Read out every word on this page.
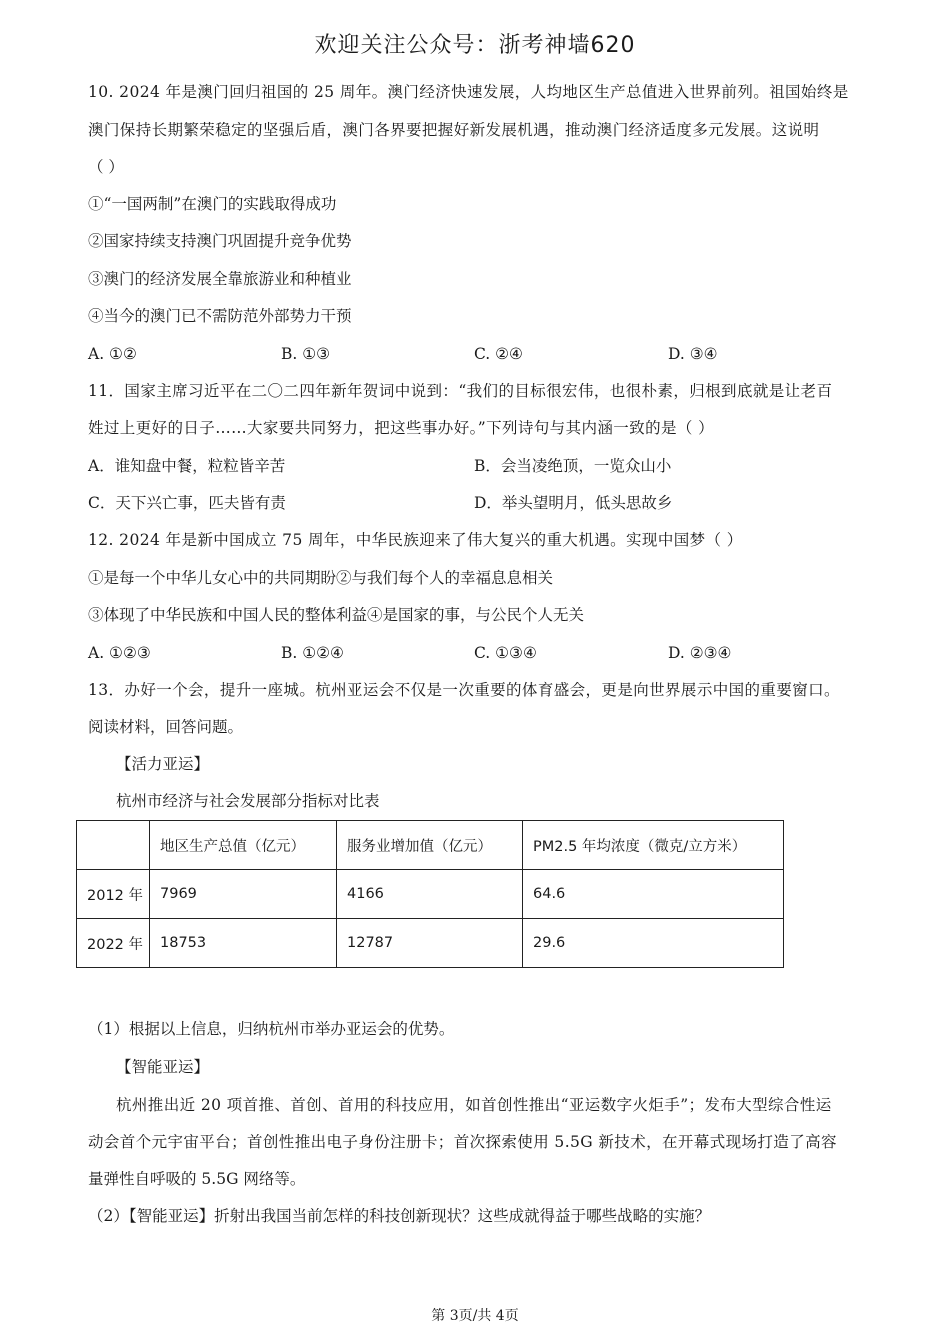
欢迎关注公众号：浙考神墙620
10. 2024 年是澳门回归祖国的 25 周年。澳门经济快速发展，人均地区生产总值进入世界前列。祖国始终是
澳门保持长期繁荣稳定的坚强后盾，澳门各界要把握好新发展机遇，推动澳门经济适度多元发展。这说明
（ ）
①“一国两制”在澳门的实践取得成功
②国家持续支持澳门巩固提升竞争优势
③澳门的经济发展全靠旅游业和种植业
④当今的澳门已不需防范外部势力干预
A. ①②	B. ①③	C. ②④	D. ③④
11．国家主席习近平在二〇二四年新年贺词中说到：“我们的目标很宏伟，也很朴素，归根到底就是让老百
姓过上更好的日子……大家要共同努力，把这些事办好。”下列诗句与其内涵一致的是（ ）
A．谁知盘中餐，粒粒皆辛苦	B．会当凌绝顶，一览众山小
C．天下兴亡事，匹夫皆有责	D．举头望明月，低头思故乡
12. 2024 年是新中国成立 75 周年，中华民族迎来了伟大复兴的重大机遇。实现中国梦（ ）
①是每一个中华儿女心中的共同期盼②与我们每个人的幸福息息相关
③体现了中华民族和中国人民的整体利益④是国家的事，与公民个人无关
A. ①②③	B. ①②④	C. ①③④	D. ②③④
13．办好一个会，提升一座城。杭州亚运会不仅是一次重要的体育盛会，更是向世界展示中国的重要窗口。
阅读材料，回答问题。
【活力亚运】
杭州市经济与社会发展部分指标对比表
	地区生产总值（亿元）	服务业增加值（亿元）	PM2.5 年均浓度（微克/立方米）
2012 年	7969	4166	64.6
2022 年	18753	12787	29.6
（1）根据以上信息，归纳杭州市举办亚运会的优势。
【智能亚运】
杭州推出近 20 项首推、首创、首用的科技应用，如首创性推出“亚运数字火炬手”；发布大型综合性运
动会首个元宇宙平台；首创性推出电子身份注册卡；首次探索使用 5.5G 新技术，在开幕式现场打造了高容
量弹性自呼吸的 5.5G 网络等。
（2）【智能亚运】折射出我国当前怎样的科技创新现状？这些成就得益于哪些战略的实施？
第 3页/共 4页
